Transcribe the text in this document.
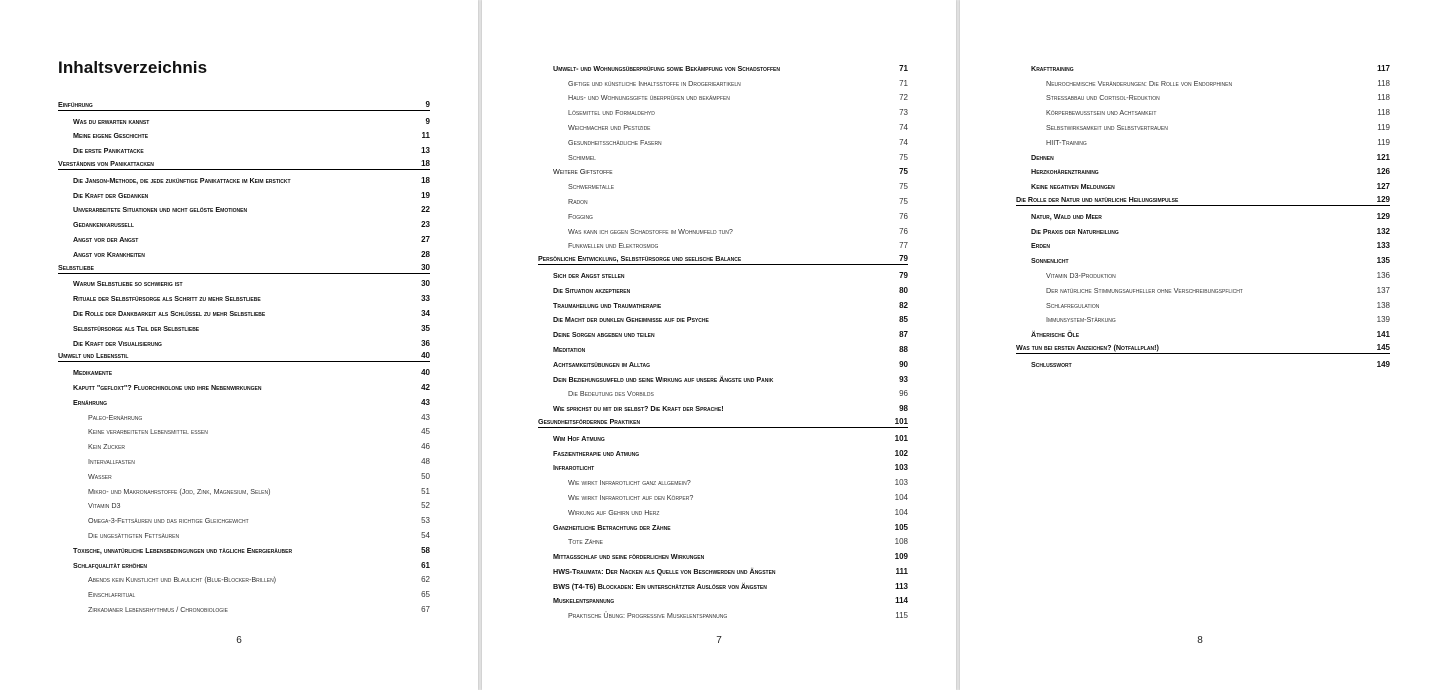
Inhaltsverzeichnis
Einführung	9
Was du erwarten kannst	9
Meine eigene Geschichte	11
Die erste Panikattacke	13
Verständnis von Panikattacken	18
Die Janson-Methode, die jede zukünftige Panikattacke im Keim erstickt	18
Die Kraft der Gedanken	19
Unverarbeitete Situationen und nicht gelöste Emotionen	22
Gedankenkarussell	23
Angst vor der Angst	27
Angst vor Krankheiten	28
Selbstliebe	30
Warum Selbstliebe so schwierig ist	30
Rituale der Selbstfürsorge als Schritt zu mehr Selbstliebe	33
Die Rolle der Dankbarkeit als Schlüssel zu mehr Selbstliebe	34
Selbstfürsorge als Teil der Selbstliebe	35
Die Kraft der Visualisierung	36
Umwelt und Lebensstil	40
Medikamente	40
Kaputt "gefloxt"? Fluorchinolone und ihre Nebenwirkungen	42
Ernährung	43
Paleo-Ernährung	43
Keine verarbeiteten Lebensmittel essen	45
Kein Zucker	46
Intervallfasten	48
Wasser	50
Mikro- und Makronahrstoffe (Jod, Zink, Magnesium, Selen)	51
Vitamin D3	52
Omega-3-Fettsäuren und das richtige Gleichgewicht	53
Die ungesättigten Fettsäuren	54
Toxische, unnatürliche Lebensbedingungen und tägliche Energieräuber	58
Schlafqualität erhöhen	61
Abends kein Kunstlicht und Blaulicht (Blue-Blocker-Brillen)	62
Einschlafritual	65
Zirkadianer Lebensrhythmus / Chronobiologie	67
6
Umwelt- und Wohnungsüberprüfung sowie Bekämpfung von Schadstoffen	71
Giftige und künstliche Inhaltsstoffe in Drogerieartikeln	71
Haus- und Wohnungsgifte überprüfen und bekämpfen	72
Lösemittel und Formaldehyd	73
Weichmacher und Pestizide	74
Gesundheitsschädliche Fasern	74
Schimmel	75
Weitere Giftstoffe	75
Schwermetalle	75
Radon	75
Fogging	76
Was kann ich gegen Schadstoffe im Wohnumfeld tun?	76
Funkwellen und Elektrosmog	77
Persönliche Entwicklung, Selbstfürsorge und seelische Balance	79
Sich der Angst stellen	79
Die Situation akzeptieren	80
Traumaheilung und Traumatherapie	82
Die Macht der dunklen Geheimnisse auf die Psyche	85
Deine Sorgen abgeben und teilen	87
Meditation	88
Achtsamkeitsübungen im Alltag	90
Dein Beziehungsumfeld und seine Wirkung auf unsere Ängste und Panik	93
Die Bedeutung des Vorbilds	96
Wie sprichst du mit dir selbst? Die Kraft der Sprache!	98
Gesundheitsfördernde Praktiken	101
Wim Hof Atmung	101
Faszientherapie und Atmung	102
Infrarotlicht	103
Wie wirkt Infrarotlicht ganz allgemein?	103
Wie wirkt Infrarotlicht auf den Körper?	104
Wirkung auf Gehirn und Herz	104
Ganzheitliche Betrachtung der Zähne	105
Tote Zähne	108
Mittagsschlaf und seine förderlichen Wirkungen	109
HWS-Traumata: Der Nacken als Quelle von Beschwerden und Ängsten	111
BWS (T4-T6) Blockaden: Ein unterschätzter Auslöser von Ängsten	113
Muskelentspannung	114
Praktische Übung: Progressive Muskelentspannung	115
7
Krafttraining	117
Neurochemische Veränderungen: Die Rolle von Endorphinen	118
Stressabbau und Cortisol-Reduktion	118
Körperbewusstsein und Achtsamkeit	118
Selbstwirksamkeit und Selbstvertrauen	119
HIIT-Training	119
Dehnen	121
Herzkohärenztraining	126
Keine negativen Meldungen	127
Die Rolle der Natur und natürliche Heilungsimpulse	129
Natur, Wald und Meer	129
Die Praxis der Naturheilung	132
Erden	133
Sonnenlicht	135
Vitamin D3-Produktion	136
Der natürliche Stimmungsaufheller ohne Verschreibungspflicht	137
Schlafregulation	138
Immunsystem-Stärkung	139
Ätherische Öle	141
Was tun bei ersten Anzeichen? (Notfallplan!)	145
Schlusswort	149
8
